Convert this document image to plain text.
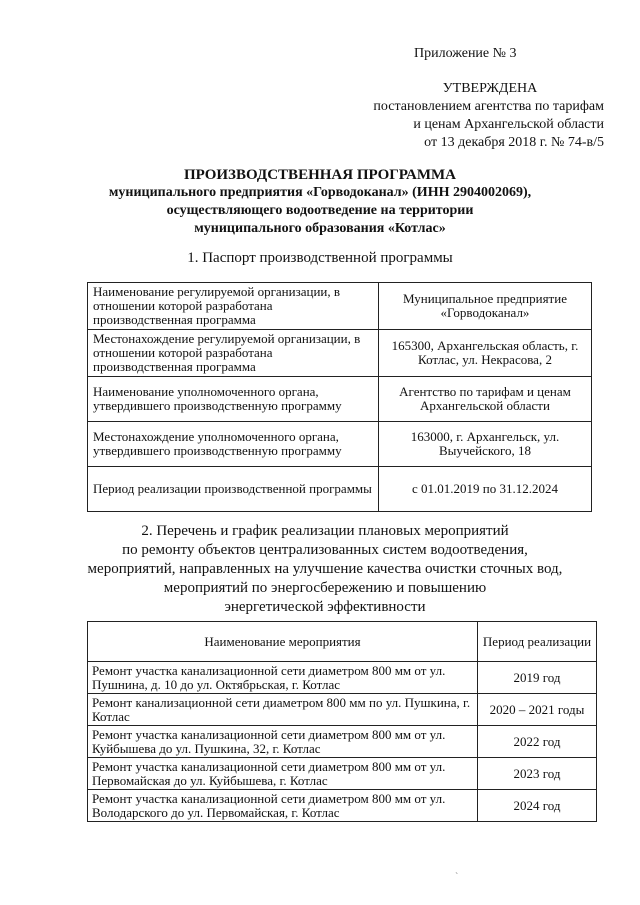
Приложение № 3
УТВЕРЖДЕНА
постановлением агентства по тарифам
и ценам Архангельской области
от 13 декабря 2018 г. № 74-в/5
ПРОИЗВОДСТВЕННАЯ ПРОГРАММА
муниципального предприятия «Горводоканал» (ИНН 2904002069),
осуществляющего водоотведение на территории
муниципального образования «Котлас»
1. Паспорт производственной программы
Наименование регулируемой организации, в отношении которой разработана производственная программа	Муниципальное предприятие «Горводоканал»
Местонахождение регулируемой организации, в отношении которой разработана производственная программа	165300, Архангельская область, г. Котлас, ул. Некрасова, 2
Наименование уполномоченного органа, утвердившего производственную программу	Агентство по тарифам и ценам Архангельской области
Местонахождение уполномоченного органа, утвердившего производственную программу	163000, г. Архангельск, ул. Выучейского, 18
Период реализации производственной программы	с 01.01.2019 по 31.12.2024
2. Перечень и график реализации плановых мероприятий
по ремонту объектов централизованных систем водоотведения,
мероприятий, направленных на улучшение качества очистки сточных вод,
мероприятий по энергосбережению и повышению
энергетической эффективности
Наименование мероприятия	Период реализации
Ремонт участка канализационной сети диаметром 800 мм от ул. Пушнина, д. 10 до ул. Октябрьская, г. Котлас	2019 год
Ремонт канализационной сети диаметром 800 мм по ул. Пушкина, г. Котлас	2020 – 2021 годы
Ремонт участка канализационной сети диаметром 800 мм от ул. Куйбышева до ул. Пушкина, 32, г. Котлас	2022 год
Ремонт участка канализационной сети диаметром 800 мм от ул. Первомайская до ул. Куйбышева, г. Котлас	2023 год
Ремонт участка канализационной сети диаметром 800 мм от ул. Володарского до ул. Первомайская, г. Котлас	2024 год
`
